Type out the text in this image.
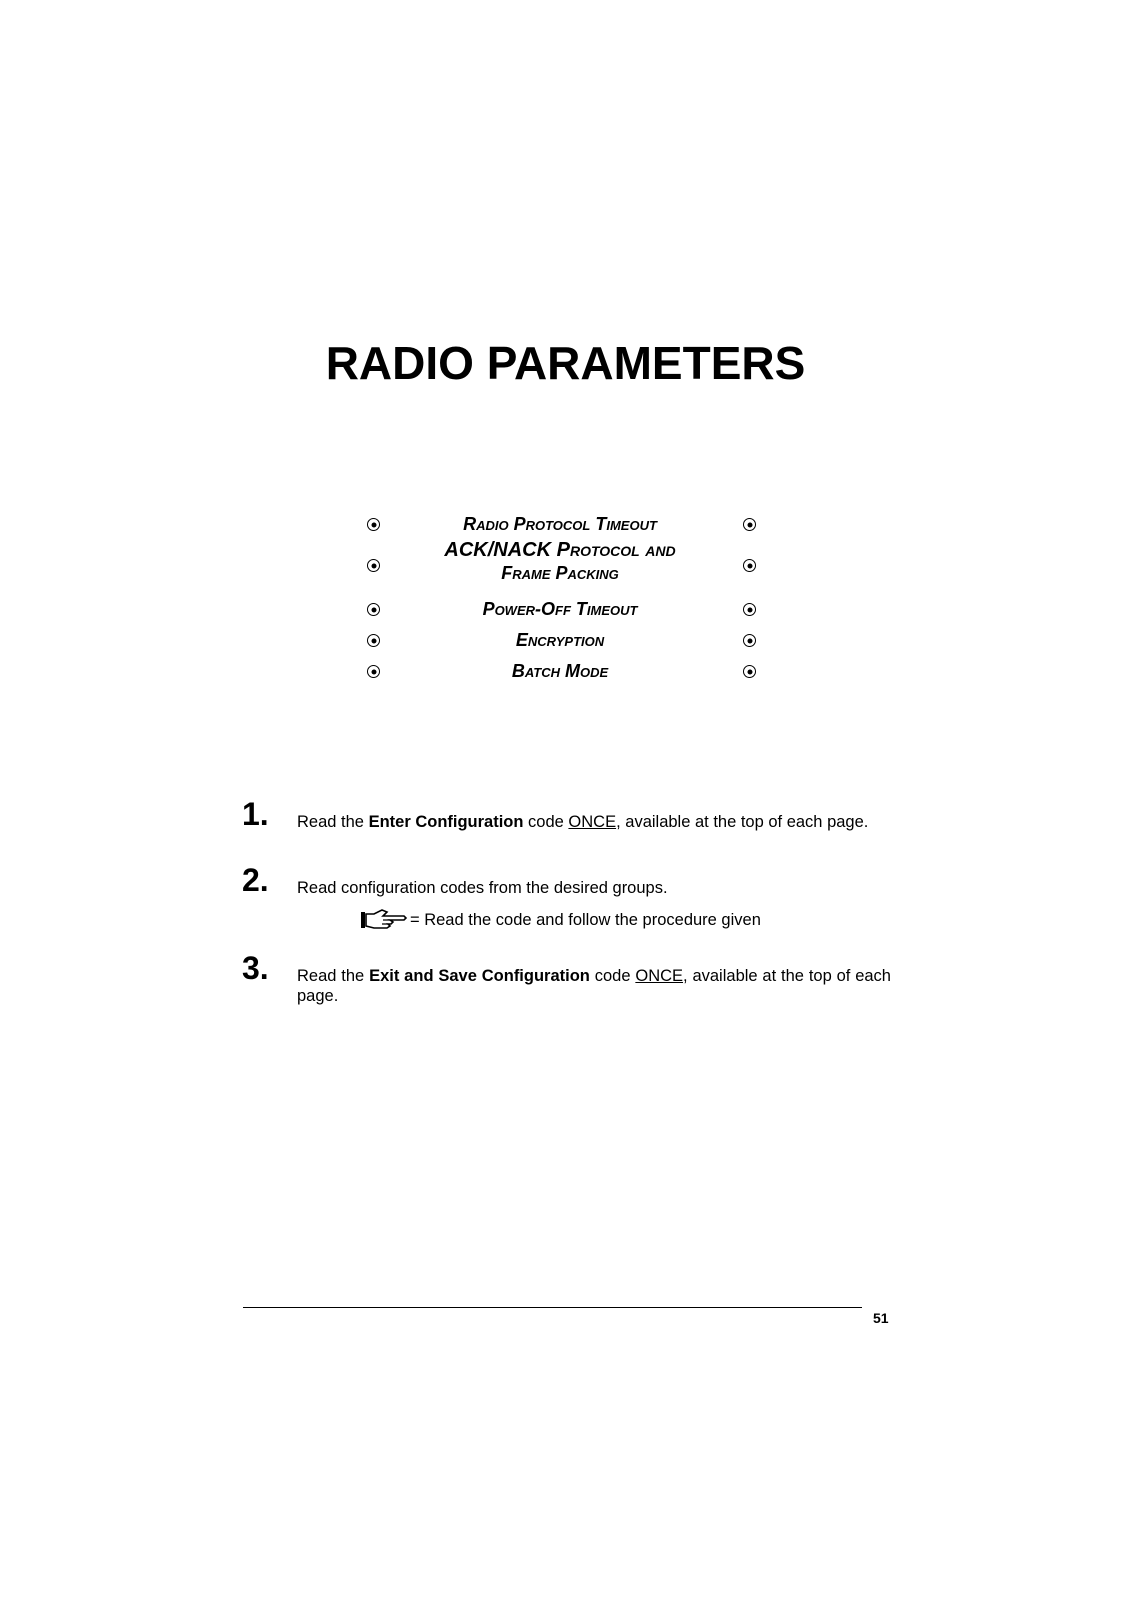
RADIO PARAMETERS
Radio Protocol Timeout
ACK/NACK Protocol and
Frame Packing
Power-Off Timeout
Encryption
Batch Mode
1. Read the Enter Configuration code ONCE, available at the top of each page.
2. Read configuration codes from the desired groups.
= Read the code and follow the procedure given
3. Read the Exit and Save Configuration code ONCE, available at the top of each page.
51
